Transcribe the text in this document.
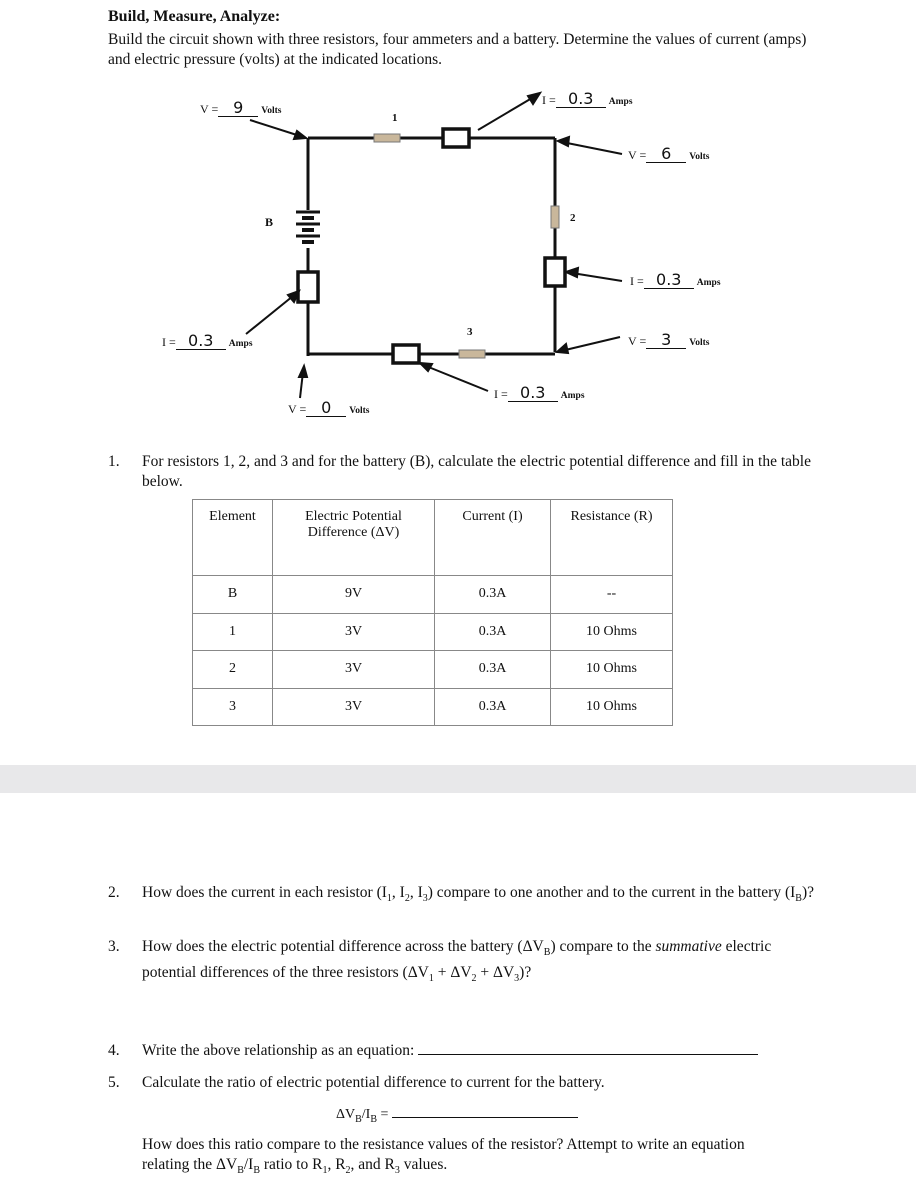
Build, Measure, Analyze:
Build the circuit shown with three resistors, four ammeters and a battery. Determine the values of current (amps) and electric pressure (volts) at the indicated locations.
B
1
2
3
V = 9 Volts
I = 0.3 Amps
V = 6 Volts
I = 0.3 Amps
V = 3 Volts
I = 0.3 Amps
V = 0 Volts
I = 0.3 Amps
1. For resistors 1, 2, and 3 and for the battery (B), calculate the electric potential difference and fill in the table below.
Element	Electric Potential Difference (ΔV)	Current (I)	Resistance (R)
B	9V	0.3A	--
1	3V	0.3A	10 Ohms
2	3V	0.3A	10 Ohms
3	3V	0.3A	10 Ohms
2. How does the current in each resistor ($I_1$, $I_2$, $I_3$) compare to one another and to the current in the battery $(I_B)$?
3. How does the electric potential difference across the battery $(\Delta V_B)$ compare to the summative electric potential differences of the three resistors $(\Delta V_1 + \Delta V_2 + \Delta V_3)$?
4. Write the above relationship as an equation:
5. Calculate the ratio of electric potential difference to current for the battery.
$\Delta V_B/I_B$ =
How does this ratio compare to the resistance values of the resistor? Attempt to write an equation relating the $\Delta V_B/I_B$ ratio to $R_1$, $R_2$, and $R_3$ values.
